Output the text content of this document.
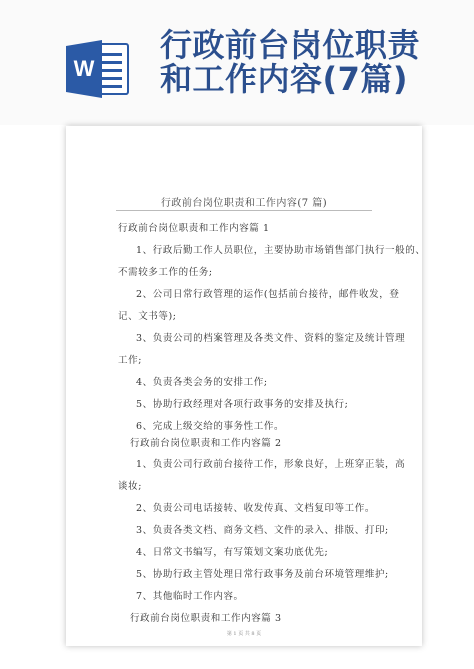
W
行政前台岗位职责
和工作内容(7篇)
行政前台岗位职责和工作内容(7 篇)
行政前台岗位职责和工作内容篇 1
1、行政后勤工作人员职位，主要协助市场销售部门执行一般的、
不需较多工作的任务;
2、公司日常行政管理的运作(包括前台接待，邮件收发，登
记、文书等);
3、负责公司的档案管理及各类文件、资料的鉴定及统计管理
工作;
4、负责各类会务的安排工作;
5、协助行政经理对各项行政事务的安排及执行;
6、完成上级交给的事务性工作。
行政前台岗位职责和工作内容篇 2
1、负责公司行政前台接待工作，形象良好，上班穿正装，高
谈妆;
2、负责公司电话接转、收发传真、文档复印等工作。
3、负责各类文档、商务文档、文件的录入、排版、打印;
4、日常文书编写，有写策划文案功底优先;
5、协助行政主管处理日常行政事务及前台环境管理维护;
7、其他临时工作内容。
行政前台岗位职责和工作内容篇 3
第 1 页 共 8 页
